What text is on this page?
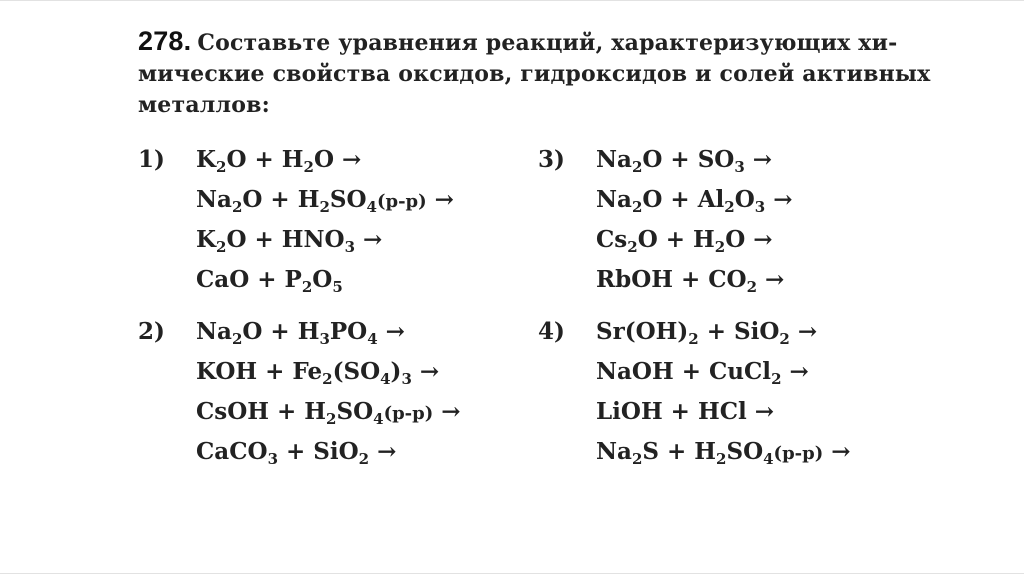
278. Составьте уравнения реакций, характеризующих хи-мические свойства оксидов, гидроксидов и солей активных металлов:
1) $K_2O + H_2O$ →
$Na_2O + H_2SO_4(р-р)$ →
$K_2O + HNO_3$ →
CaO + $P_2O_5$
3) $Na_2O + SO_3$ →
$Na_2O + Al_2O_3$ →
$Cs_2O + H_2O$ →
RbOH + $CO_2$ →
2) $Na_2O + H_3PO_4$ →
KOH + $Fe_2(SO_4)_3$ →
CsOH + $H_2SO_4(р-р)$ →
CaCO$_3$ + SiO$_2$ →
4) $Sr(OH)_2 + SiO_2$ →
NaOH + CuCl$_2$ →
LiOH + HCl →
$Na_2S + H_2SO_4(р-р)$ →
